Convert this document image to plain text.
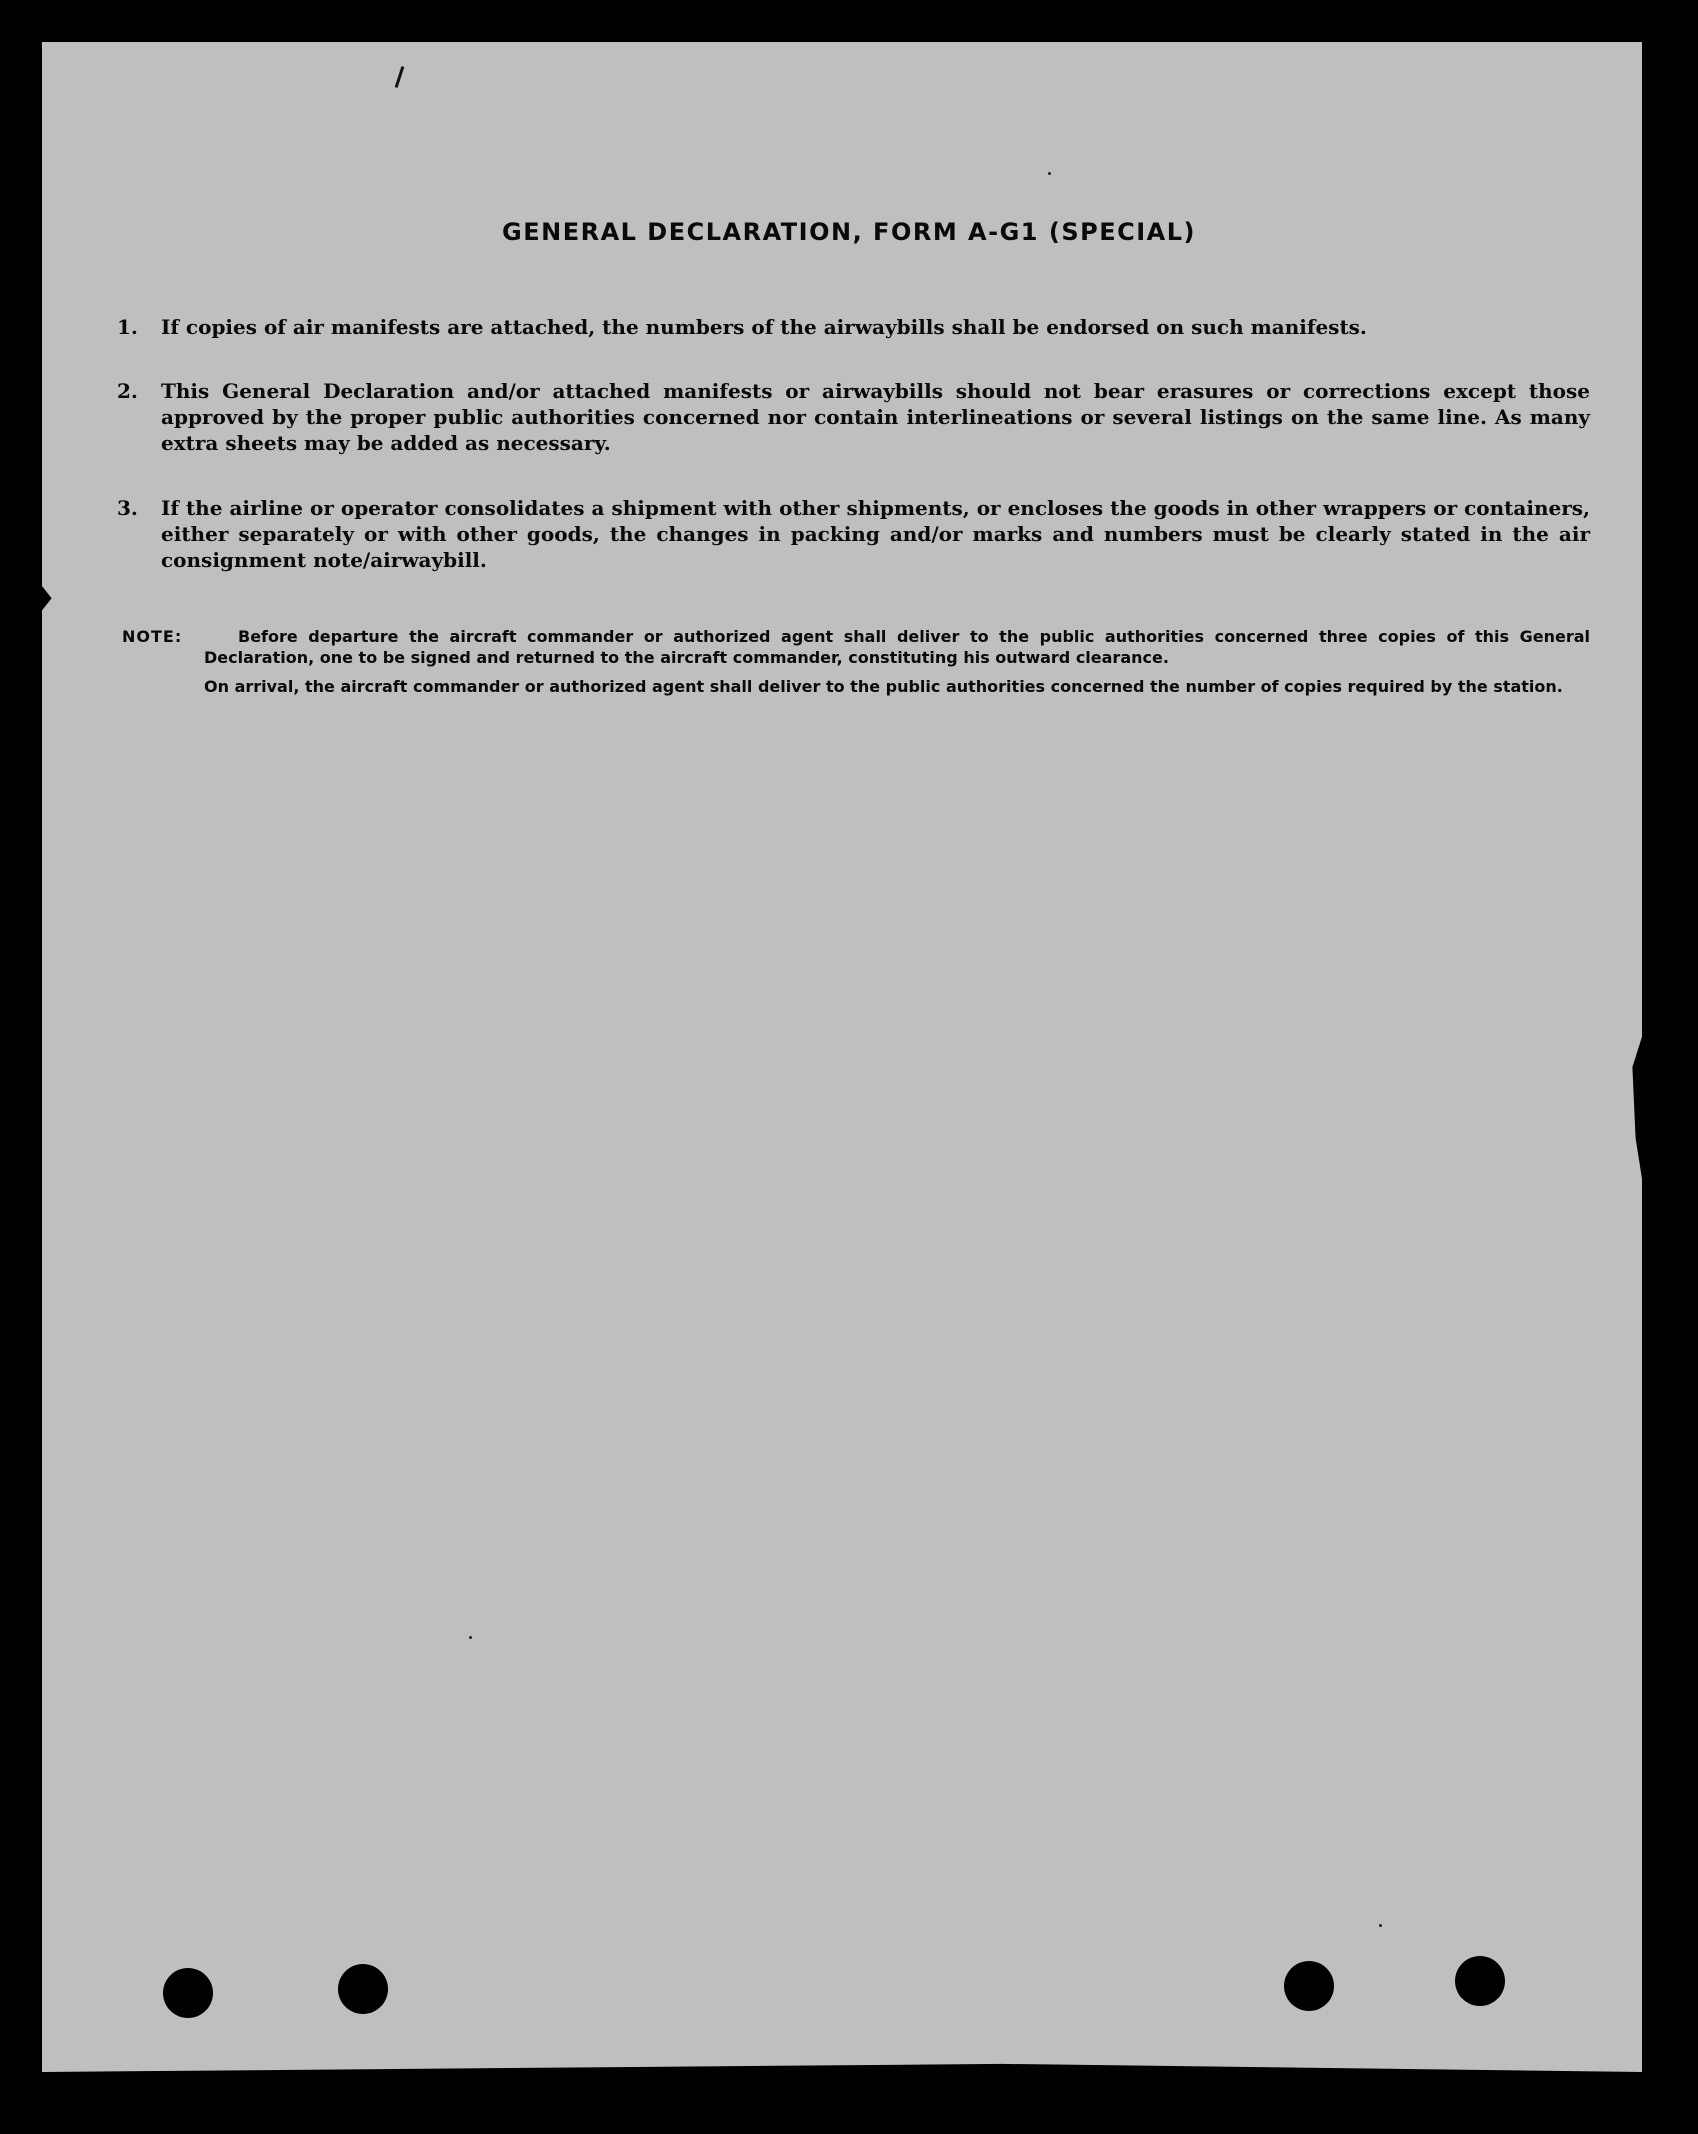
GENERAL DECLARATION, FORM A-G1 (SPECIAL)
1.	If copies of air manifests are attached, the numbers of the airwaybills shall be endorsed on such manifests.
2.	This General Declaration and/or attached manifests or airwaybills should not bear erasures or corrections except those approved by the proper public authorities concerned nor contain interlineations or several listings on the same line. As many extra sheets may be added as necessary.
3.	If the airline or operator consolidates a shipment with other shipments, or encloses the goods in other wrappers or containers, either separately or with other goods, the changes in packing and/or marks and numbers must be clearly stated in the air consignment note/airwaybill.
NOTE:	Before departure the aircraft commander or authorized agent shall deliver to the public authorities concerned three copies of this General Declaration, one to be signed and returned to the aircraft commander, constituting his outward clearance.

On arrival, the aircraft commander or authorized agent shall deliver to the public authorities concerned the number of copies required by the station.
